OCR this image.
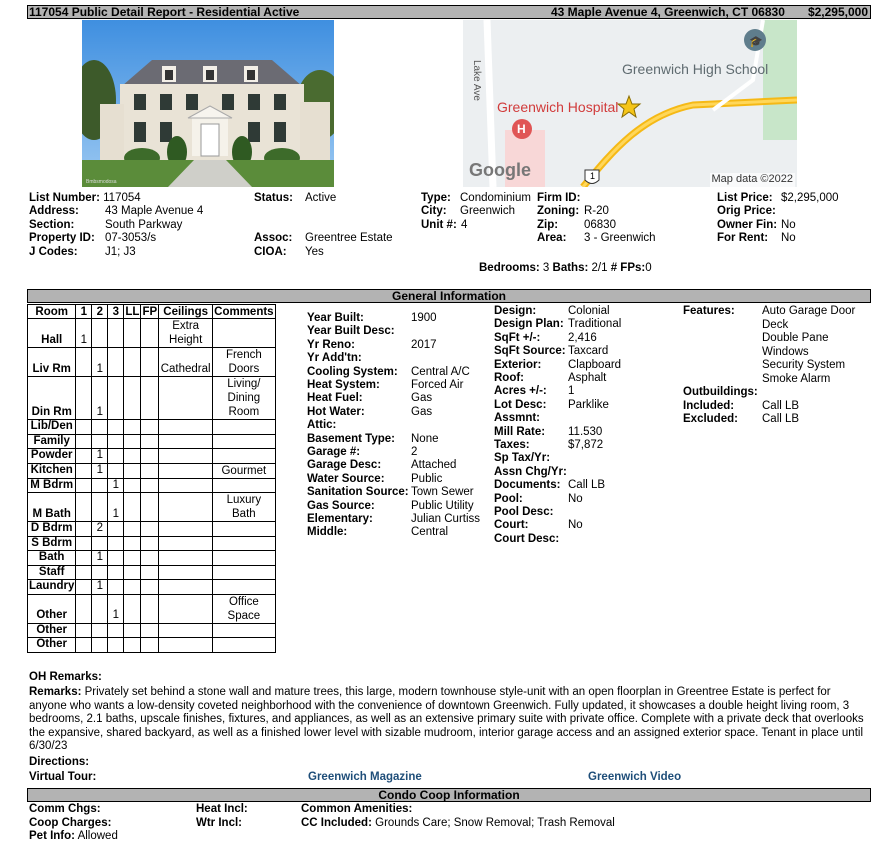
117054 Public Detail Report - Residential Active	43 Maple Avenue 4, Greenwich, CT 06830 $2,295,000
Bmbsmodosa
🎓
Lake Ave	Greenwich High School
Greenwich Hospital
H
1
Google	Map data ©2022
List Number: 117054
Address: 43 Maple Avenue 4
Section:	South Parkway
Property ID: 07-3053/s
J Codes: J1; J3
Status: Active
Assoc: Greentree Estate
CIOA: Yes
Type: Condominium
City: Greenwich
Unit #: 4
Firm ID:
Zoning: R-20
Zip: 06830
Area: 3 - Greenwich
List Price: $2,295,000
Orig Price:
Owner Fin: No
For Rent: No
Bedrooms: 3 Baths: 2/1 # FPs:0
General Information
Room	1	2	3	LL	FP	Ceilings	Comments
Hall	1					Extra Height	
Liv Rm		1				Cathedral	French Doors
Din Rm		1					Living/ Dining Room
Lib/Den							
Family							
Powder		1					
Kitchen		1					Gourmet
M Bdrm			1				
M Bath			1				Luxury Bath
D Bdrm		2					
S Bdrm							
Bath		1					
Staff							
Laundry		1					
Other			1				Office Space
Other							
Other							
Year Built:	1900
Year Built Desc:
Yr Reno:	2017
Yr Add'tn:
Cooling System: Central A/C
Heat System:	Forced Air
Heat Fuel:	Gas
Hot Water:	Gas
Attic:
Basement Type: None
Garage #:	2
Garage Desc:	Attached
Water Source: Public
Sanitation Source: Town Sewer
Gas Source:	Public Utility
Elementary:	Julian Curtiss
Middle:	Central
Design:	Colonial
Design Plan: Traditional
SqFt +/-: 2,416
SqFt Source: Taxcard
Exterior: Clapboard
Roof:	Asphalt
Acres +/-: 1
Lot Desc: Parklike
Assmnt:
Mill Rate: 11.530
Taxes:	$7,872
Sp Tax/Yr:
Assn Chg/Yr:
Documents: Call LB
Pool:	No
Pool Desc:
Court:	No
Court Desc:
Features: Auto Garage Door
Deck
Double Pane
Windows
Security System
Smoke Alarm
Outbuildings:
Included: Call LB
Excluded: Call LB
OH Remarks:
Remarks: Privately set behind a stone wall and mature trees, this large, modern townhouse style-unit with an open floorplan in Greentree Estate is perfect for anyone who wants a low-density coveted neighborhood with the convenience of downtown Greenwich. Fully updated, it showcases a double height living room, 3 bedrooms, 2.1 baths, upscale finishes, fixtures, and appliances, as well as an extensive primary suite with private office. Complete with a private deck that overlooks the expansive, shared backyard, as well as a finished lower level with sizable mudroom, interior garage access and an assigned exterior space. Tenant in place until 6/30/23
Directions:
Virtual Tour:	Greenwich Magazine	Greenwich Video
Condo Coop Information
Comm Chgs:
Coop Charges:
Pet Info: Allowed
Heat Incl:
Wtr Incl:
Common Amenities:
CC Included: Grounds Care; Snow Removal; Trash Removal
